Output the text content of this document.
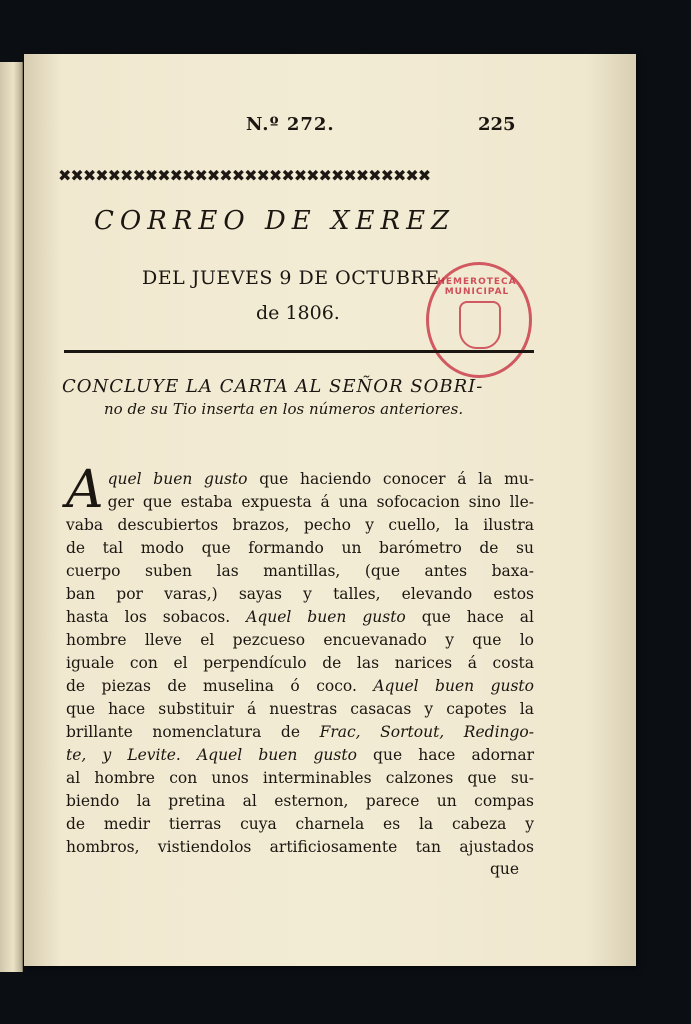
N.º 272.	225
✖✖✖✖✖✖✖✖✖✖✖✖✖✖✖✖✖✖✖✖✖✖✖✖✖✖✖✖✖✖
CORREO DE XEREZ
DEL JUEVES 9 DE OCTUBRE
de 1806.
HEMEROTECA MUNICIPAL
CONCLUYE LA CARTA AL SEÑOR SOBRI-
no de su Tio inserta en los números anteriores.
A quel buen gusto que haciendo conocer á la mu-
ger que estaba expuesta á una sofocacion sino lle-
vaba descubiertos brazos, pecho y cuello, la ilustra
de tal modo que formando un barómetro de su
cuerpo suben las mantillas, (que antes baxa-
ban por varas,) sayas y talles, elevando estos
hasta los sobacos. Aquel buen gusto que hace al
hombre lleve el pezcueso encuevanado y que lo
iguale con el perpendículo de las narices á costa
de piezas de muselina ó coco. Aquel buen gusto
que hace substituir á nuestras casacas y capotes la
brillante nomenclatura de Frac, Sortout, Redingo-
te, y Levite. Aquel buen gusto que hace adornar
al hombre con unos interminables calzones que su-
biendo la pretina al esternon, parece un compas
de medir tierras cuya charnela es la cabeza y
hombros, vistiendolos artificiosamente tan ajustados
que
